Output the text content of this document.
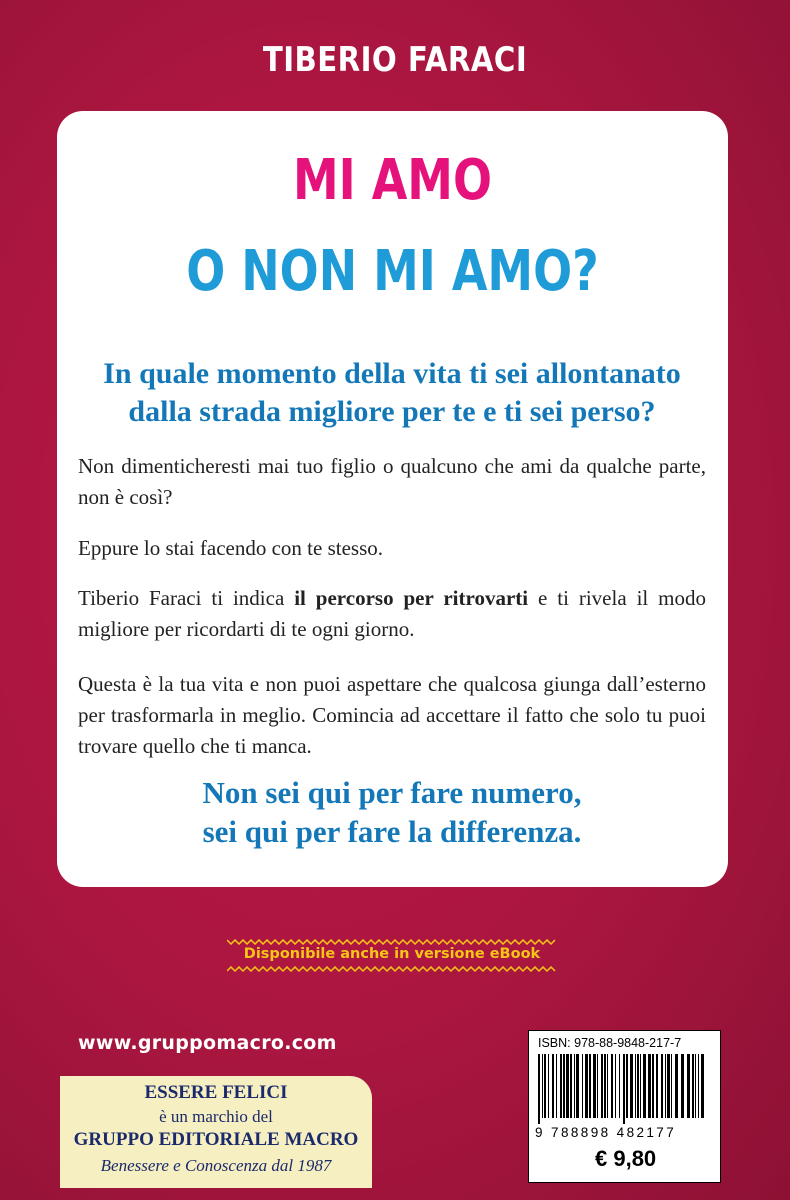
TIBERIO FARACI
MI AMO
O NON MI AMO?
In quale momento della vita ti sei allontanato
dalla strada migliore per te e ti sei perso?
Non dimenticheresti mai tuo figlio o qualcuno che ami da qualche parte, non è così?
Eppure lo stai facendo con te stesso.
Tiberio Faraci ti indica il percorso per ritrovarti e ti rivela il modo migliore per ricordarti di te ogni giorno.
Questa è la tua vita e non puoi aspettare che qualcosa giunga dall’esterno per trasformarla in meglio. Comincia ad accettare il fatto che solo tu puoi trovare quello che ti manca.
Non sei qui per fare numero,
sei qui per fare la differenza.
Disponibile anche in versione eBook
www.gruppomacro.com
ESSERE FELICI
è un marchio del
GRUPPO EDITORIALE MACRO
Benessere e Conoscenza dal 1987
ISBN: 978-88-9848-217-7
9 788898 482177
€ 9,80
